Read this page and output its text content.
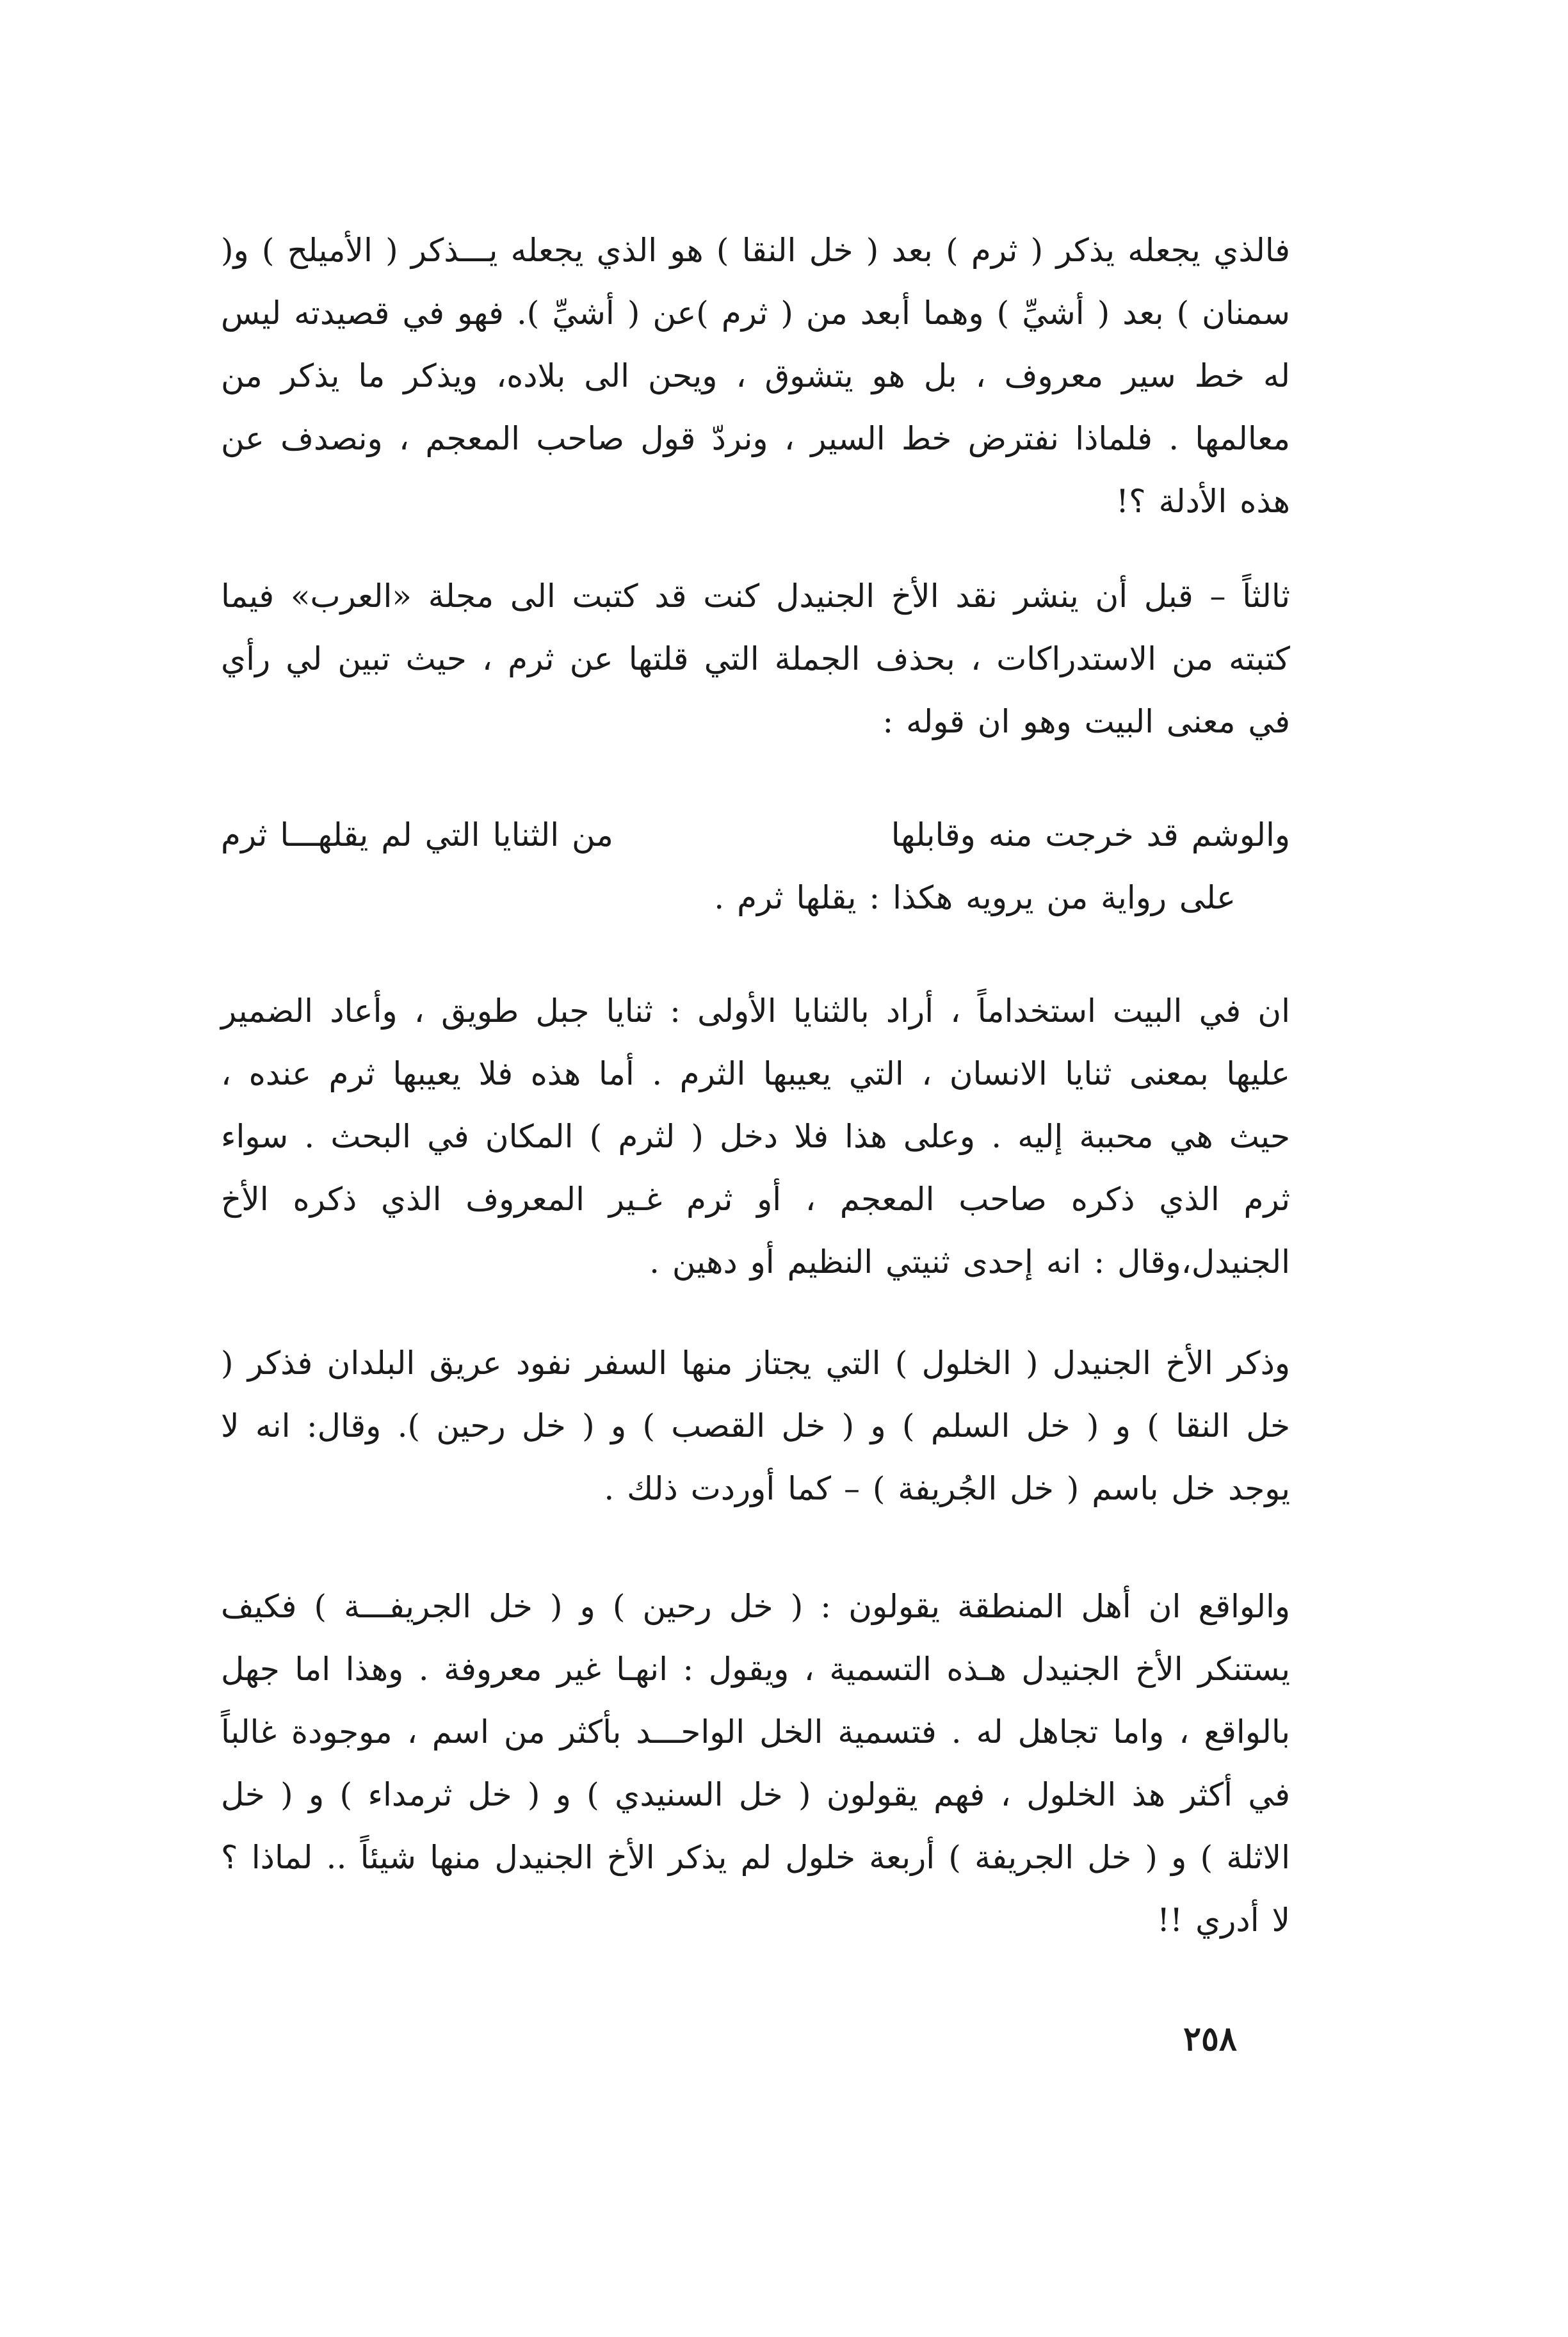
فالذي يجعله يذكر ( ثرم ) بعد ( خل النقا ) هو الذي يجعله يـــذكر ( الأميلح ) و( سمنان ) بعد ( أشيِّ ) وهما أبعد من ( ثرم )عن ( أشيِّ ). فهو في قصيدته ليس له خط سير معروف ، بل هو يتشوق ، ويحن الى بلاده، ويذكر ما يذكر من معالمها . فلماذا نفترض خط السير ، ونردّ قول صاحب المعجم ، ونصدف عن هذه الأدلة ؟!

ثالثاً – قبل أن ينشر نقد الأخ الجنيدل كنت قد كتبت الى مجلة «العرب» فيما كتبته من الاستدراكات ، بحذف الجملة التي قلتها عن ثرم ، حيث تبين لي رأي في معنى البيت وهو ان قوله :

والوشم قد خرجت منه وقابلها
من الثنايا التي لم يقلهـــا ثرم
على رواية من يرويه هكذا : يقلها ثرم .

ان في البيت استخداماً ، أراد بالثنايا الأولى : ثنايا جبل طويق ، وأعاد الضمير عليها بمعنى ثنايا الانسان ، التي يعيبها الثرم . أما هذه فلا يعيبها ثرم عنده ، حيث هي محببة إليه . وعلى هذا فلا دخل ( لثرم ) المكان في البحث . سواء ثرم الذي ذكره صاحب المعجم ، أو ثرم غـير المعروف الذي ذكره الأخ الجنيدل،وقال : انه إحدى ثنيتي النظيم أو دهين .

وذكر الأخ الجنيدل ( الخلول ) التي يجتاز منها السفر نفود عريق البلدان فذكر ( خل النقا ) و ( خل السلم ) و ( خل القصب ) و ( خل رحين ). وقال: انه لا يوجد خل باسم ( خل الجُريفة ) – كما أوردت ذلك .

والواقع ان أهل المنطقة يقولون : ( خل رحين ) و ( خل الجريفـــة ) فكيف يستنكر الأخ الجنيدل هـذه التسمية ، ويقول : انهـا غير معروفة . وهذا اما جهل بالواقع ، واما تجاهل له . فتسمية الخل الواحـــد بأكثر من اسم ، موجودة غالباً في أكثر هذ الخلول ، فهم يقولون ( خل السنيدي ) و ( خل ثرمداء ) و ( خل الاثلة ) و ( خل الجريفة ) أربعة خلول لم يذكر الأخ الجنيدل منها شيئاً .. لماذا ؟ لا أدري !!

٢٥٨
